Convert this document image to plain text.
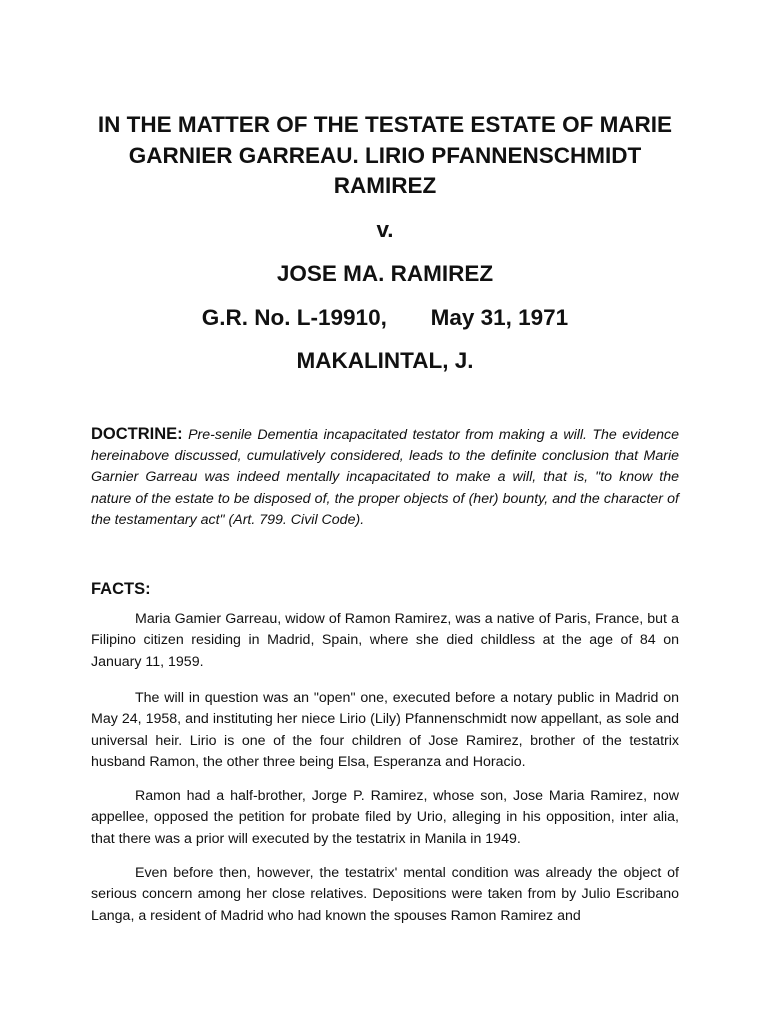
IN THE MATTER OF THE TESTATE ESTATE OF MARIE GARNIER GARREAU. LIRIO PFANNENSCHMIDT RAMIREZ

v.

JOSE MA. RAMIREZ

G.R. No. L-19910,       May 31, 1971

MAKALINTAL, J.

DOCTRINE: Pre-senile Dementia incapacitated testator from making a will. The evidence hereinabove discussed, cumulatively considered, leads to the definite conclusion that Marie Garnier Garreau was indeed mentally incapacitated to make a will, that is, "to know the nature of the estate to be disposed of, the proper objects of (her) bounty, and the character of the testamentary act" (Art. 799. Civil Code).

FACTS:

Maria Gamier Garreau, widow of Ramon Ramirez, was a native of Paris, France, but a Filipino citizen residing in Madrid, Spain, where she died childless at the age of 84 on January 11, 1959.

The will in question was an "open" one, executed before a notary public in Madrid on May 24, 1958, and instituting her niece Lirio (Lily) Pfannenschmidt now appellant, as sole and universal heir. Lirio is one of the four children of Jose Ramirez, brother of the testatrix husband Ramon, the other three being Elsa, Esperanza and Horacio.

Ramon had a half-brother, Jorge P. Ramirez, whose son, Jose Maria Ramirez, now appellee, opposed the petition for probate filed by Urio, alleging in his opposition, inter alia, that there was a prior will executed by the testatrix in Manila in 1949.

Even before then, however, the testatrix' mental condition was already the object of serious concern among her close relatives. Depositions were taken from by Julio Escribano Langa, a resident of Madrid who had known the spouses Ramon Ramirez and
